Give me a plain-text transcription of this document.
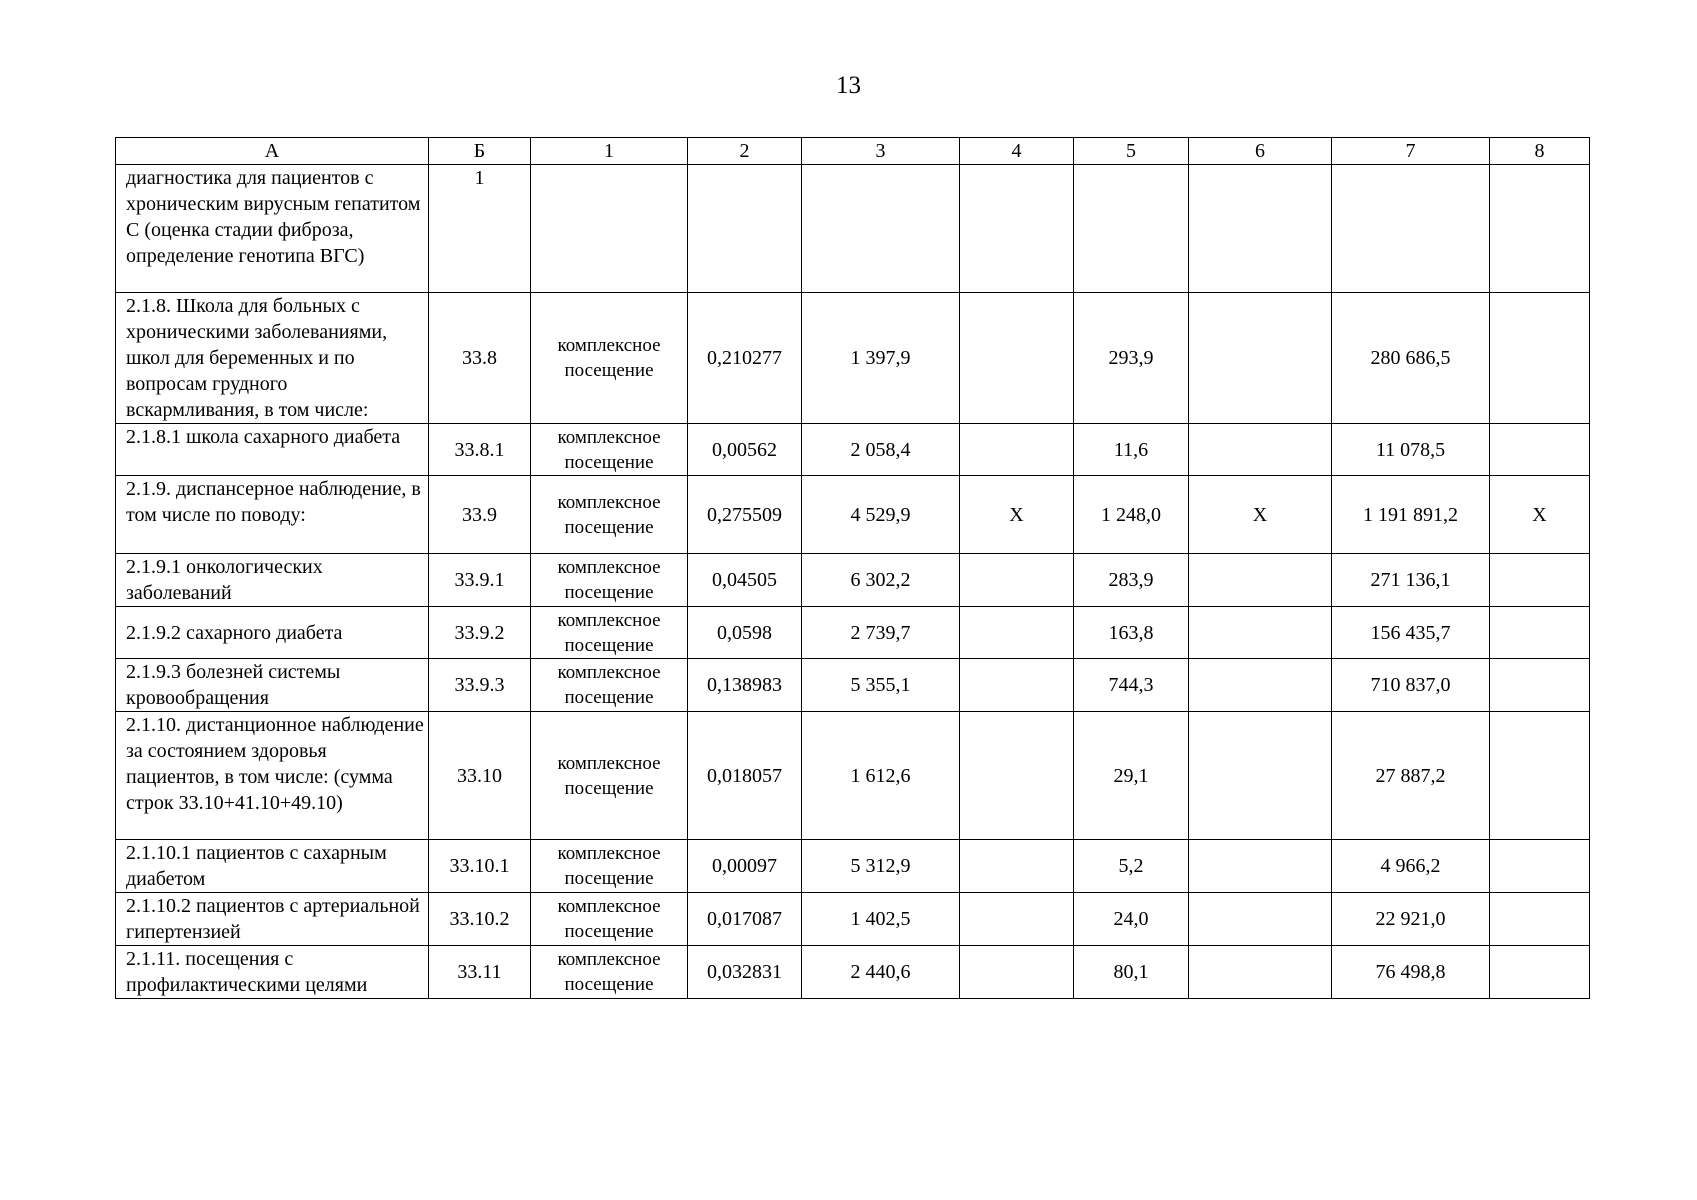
13
А	Б	1	2	3	4	5	6	7	8
диагностика для пациентов с хроническим вирусным гепатитом С (оценка стадии фиброза, определение генотипа ВГС)	1								
2.1.8. Школа для больных с хроническими заболеваниями, школ для беременных и по вопросам грудного вскармливания, в том числе:	33.8	комплексное посещение	0,210277	1 397,9		293,9		280 686,5	
2.1.8.1 школа сахарного диабета	33.8.1	комплексное посещение	0,00562	2 058,4		11,6		11 078,5	
2.1.9. диспансерное наблюдение, в том числе по поводу:	33.9	комплексное посещение	0,275509	4 529,9	X	1 248,0	X	1 191 891,2	X
2.1.9.1 онкологических заболеваний	33.9.1	комплексное посещение	0,04505	6 302,2		283,9		271 136,1	
2.1.9.2 сахарного диабета	33.9.2	комплексное посещение	0,0598	2 739,7		163,8		156 435,7	
2.1.9.3 болезней системы кровообращения	33.9.3	комплексное посещение	0,138983	5 355,1		744,3		710 837,0	
2.1.10. дистанционное наблюдение за состоянием здоровья пациентов, в том числе: (сумма строк 33.10+41.10+49.10)	33.10	комплексное посещение	0,018057	1 612,6		29,1		27 887,2	
2.1.10.1 пациентов с сахарным диабетом	33.10.1	комплексное посещение	0,00097	5 312,9		5,2		4 966,2	
2.1.10.2 пациентов с артериальной гипертензией	33.10.2	комплексное посещение	0,017087	1 402,5		24,0		22 921,0	
2.1.11. посещения с профилактическими целями	33.11	комплексное посещение	0,032831	2 440,6		80,1		76 498,8	
